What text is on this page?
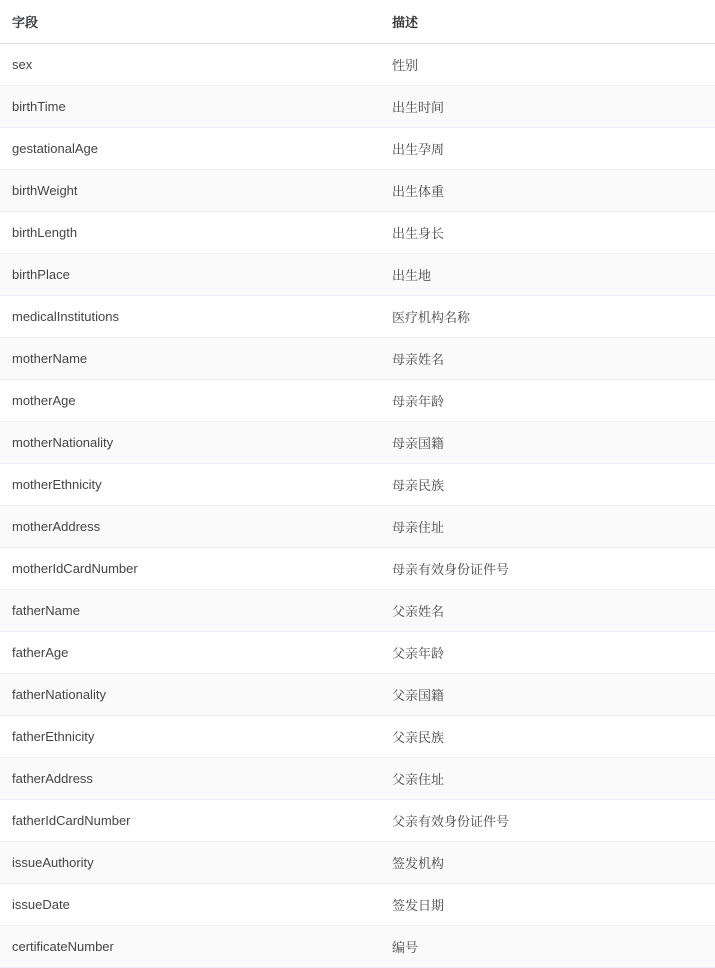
字段	描述
sex	性别
birthTime	出生时间
gestationalAge	出生孕周
birthWeight	出生体重
birthLength	出生身长
birthPlace	出生地
medicalInstitutions	医疗机构名称
motherName	母亲姓名
motherAge	母亲年龄
motherNationality	母亲国籍
motherEthnicity	母亲民族
motherAddress	母亲住址
motherIdCardNumber	母亲有效身份证件号
fatherName	父亲姓名
fatherAge	父亲年龄
fatherNationality	父亲国籍
fatherEthnicity	父亲民族
fatherAddress	父亲住址
fatherIdCardNumber	父亲有效身份证件号
issueAuthority	签发机构
issueDate	签发日期
certificateNumber	编号
